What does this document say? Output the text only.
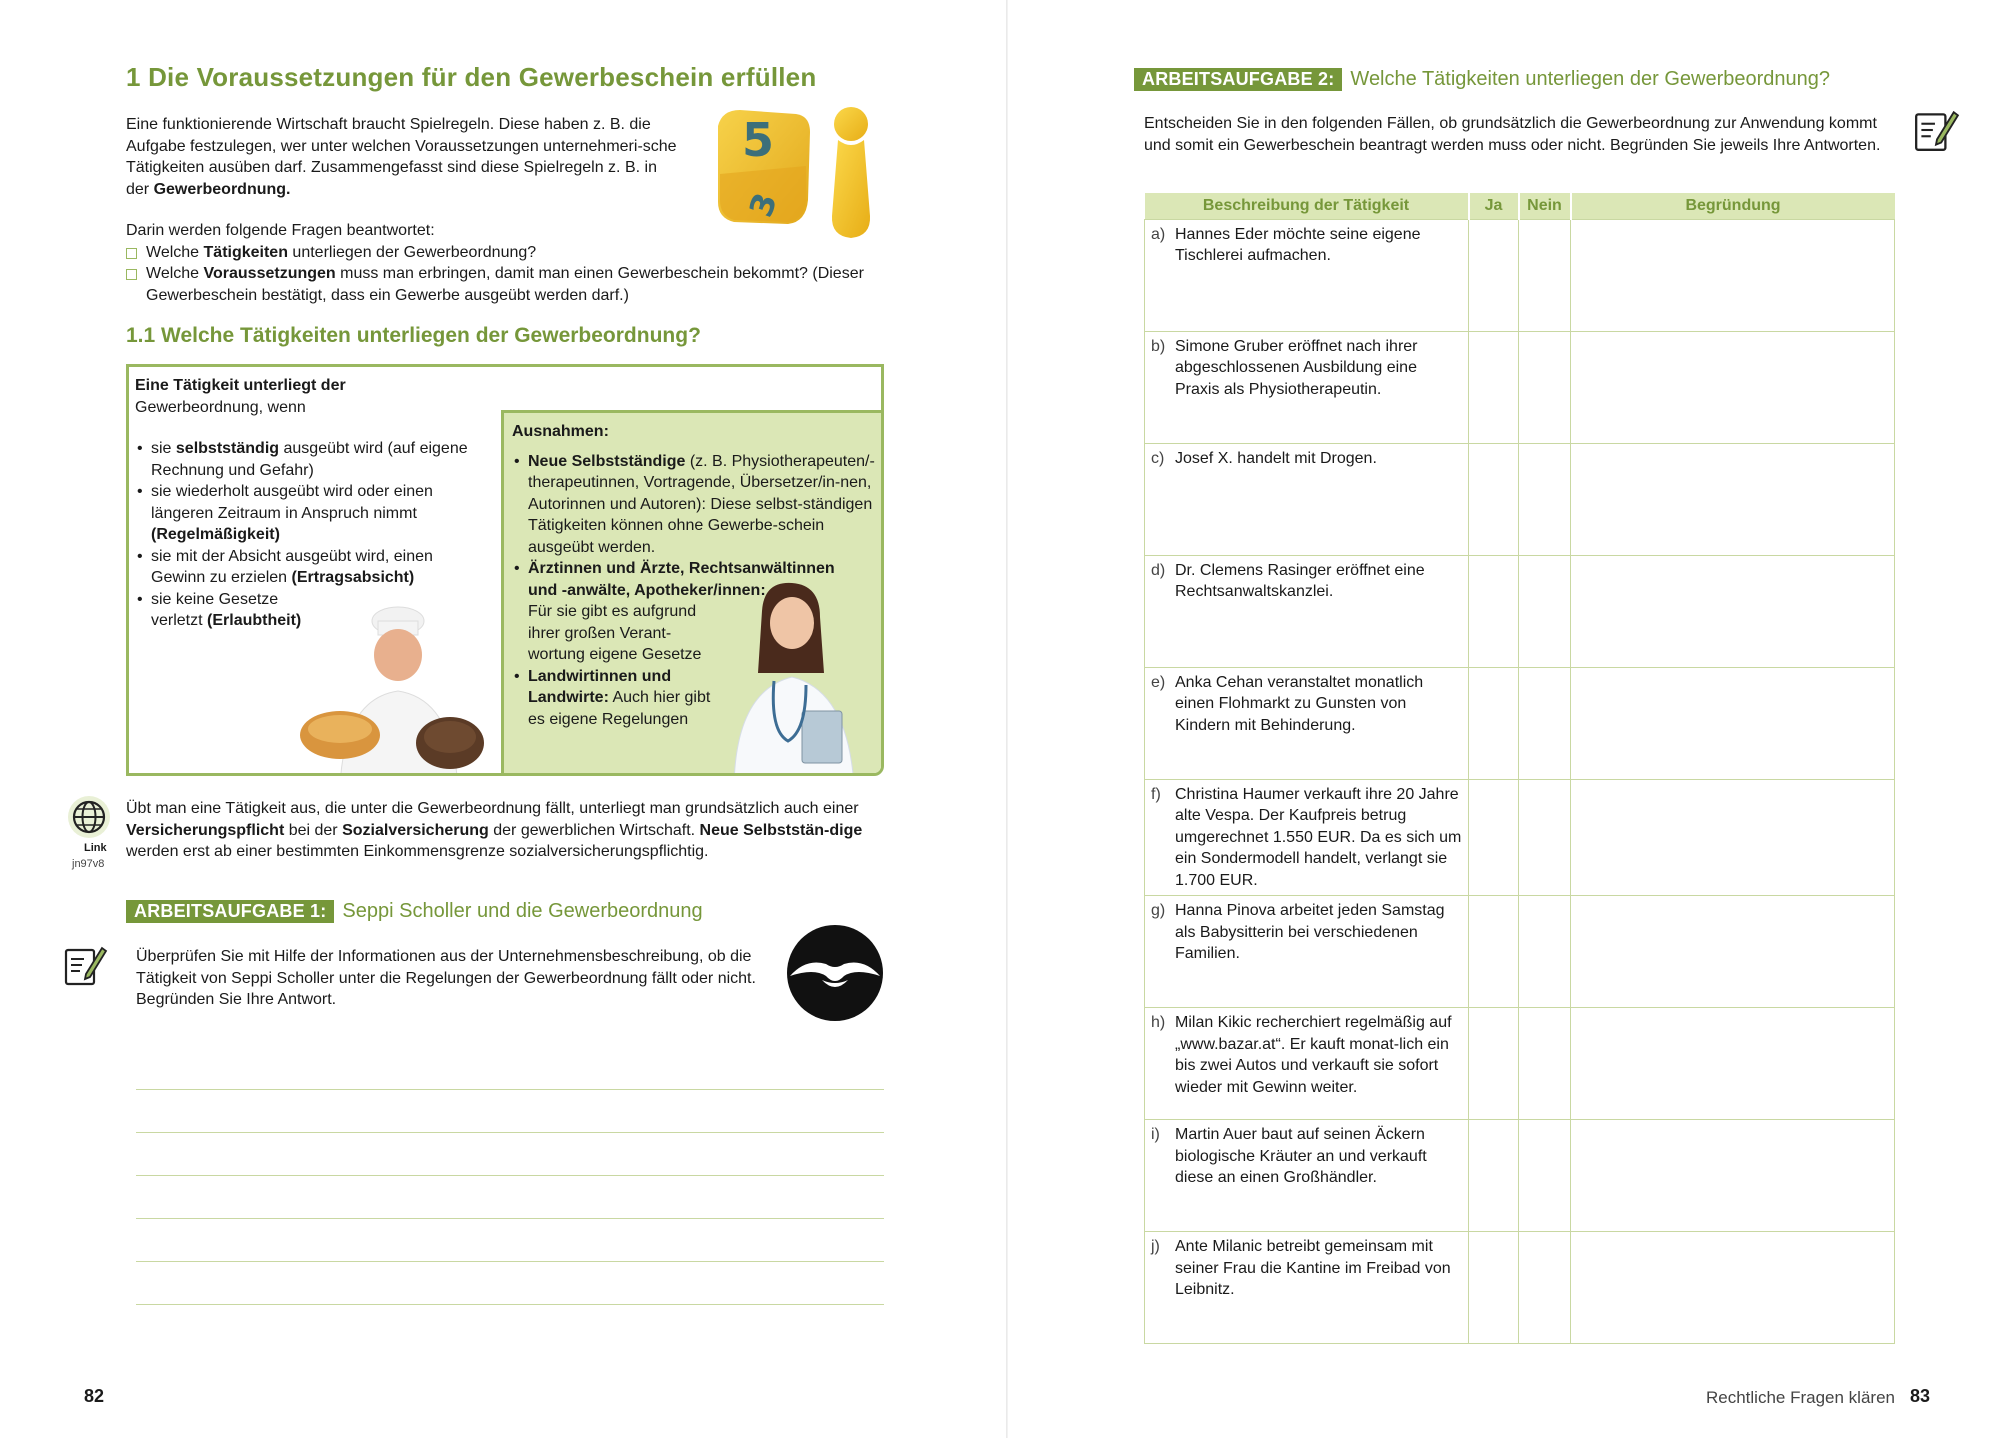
1 Die Voraussetzungen für den Gewerbeschein erfüllen
Eine funktionierende Wirtschaft braucht Spielregeln. Diese haben z. B. die Aufgabe festzulegen, wer unter welchen Voraussetzungen unternehmeri-sche Tätigkeiten ausüben darf. Zusammengefasst sind diese Spielregeln z. B. in der Gewerbeordnung.
5
3
Darin werden folgende Fragen beantwortet:
Welche Tätigkeiten unterliegen der Gewerbeordnung?
Welche Voraussetzungen muss man erbringen, damit man einen Gewerbeschein bekommt? (Dieser Gewerbeschein bestätigt, dass ein Gewerbe ausgeübt werden darf.)
1.1 Welche Tätigkeiten unterliegen der Gewerbeordnung?
Eine Tätigkeit unterliegt der
Gewerbeordnung, wenn
• sie selbstständig ausgeübt wird (auf eigene Rechnung und Gefahr)
• sie wiederholt ausgeübt wird oder einen längeren Zeitraum in Anspruch nimmt (Regelmäßigkeit)
• sie mit der Absicht ausgeübt wird, einen Gewinn zu erzielen (Ertragsabsicht)
• sie keine Gesetze verletzt (Erlaubtheit)
Ausnahmen:
• Neue Selbstständige (z. B. Physiotherapeuten/-therapeutinnen, Vortragende, Übersetzer/in-nen, Autorinnen und Autoren): Diese selbst-ständigen Tätigkeiten können ohne Gewerbe-schein ausgeübt werden.
• Ärztinnen und Ärzte, Rechtsanwältinnen und -anwälte, Apotheker/innen:Für sie gibt es aufgrund ihrer großen Verant-wortung eigene Gesetze
• Landwirtinnen und Landwirte: Auch hier gibt es eigene Regelungen
Link
jn97v8
Übt man eine Tätigkeit aus, die unter die Gewerbeordnung fällt, unterliegt man grundsätzlich auch einer Versicherungspflicht bei der Sozialversicherung der gewerblichen Wirtschaft. Neue Selbststän-dige werden erst ab einer bestimmten Einkommensgrenze sozialversicherungspflichtig.
ARBEITSAUFGABE 1: Seppi Scholler und die Gewerbeordnung
Überprüfen Sie mit Hilfe der Informationen aus der Unternehmensbeschreibung, ob die Tätigkeit von Seppi Scholler unter die Regelungen der Gewerbeordnung fällt oder nicht. Begründen Sie Ihre Antwort.
82
ARBEITSAUFGABE 2: Welche Tätigkeiten unterliegen der Gewerbeordnung?
Entscheiden Sie in den folgenden Fällen, ob grundsätzlich die Gewerbeordnung zur Anwendung kommt und somit ein Gewerbeschein beantragt werden muss oder nicht. Begründen Sie jeweils Ihre Antworten.
Beschreibung der Tätigkeit	Ja	Nein	Begründung

a) Hannes Eder möchte seine eigene Tischlerei aufmachen.			

b) Simone Gruber eröffnet nach ihrer abgeschlossenen Ausbildung eine Praxis als Physiotherapeutin.			

c) Josef X. handelt mit Drogen.			

d) Dr. Clemens Rasinger eröffnet eine Rechtsanwaltskanzlei.			

e) Anka Cehan veranstaltet monatlich einen Flohmarkt zu Gunsten von Kindern mit Behinderung.			

f) Christina Haumer verkauft ihre 20 Jahre alte Vespa. Der Kaufpreis betrug umgerechnet 1.550 EUR. Da es sich um ein Sondermodell handelt, verlangt sie 1.700 EUR.			

g) Hanna Pinova arbeitet jeden Samstag als Babysitterin bei verschiedenen Familien.			

h) Milan Kikic recherchiert regelmäßig auf „www.bazar.at“. Er kauft monat-lich ein bis zwei Autos und verkauft sie sofort wieder mit Gewinn weiter.			

i) Martin Auer baut auf seinen Äckern biologische Kräuter an und verkauft diese an einen Großhändler.			

j) Ante Milanic betreibt gemeinsam mit seiner Frau die Kantine im Freibad von Leibnitz.			
Rechtliche Fragen klären 83
